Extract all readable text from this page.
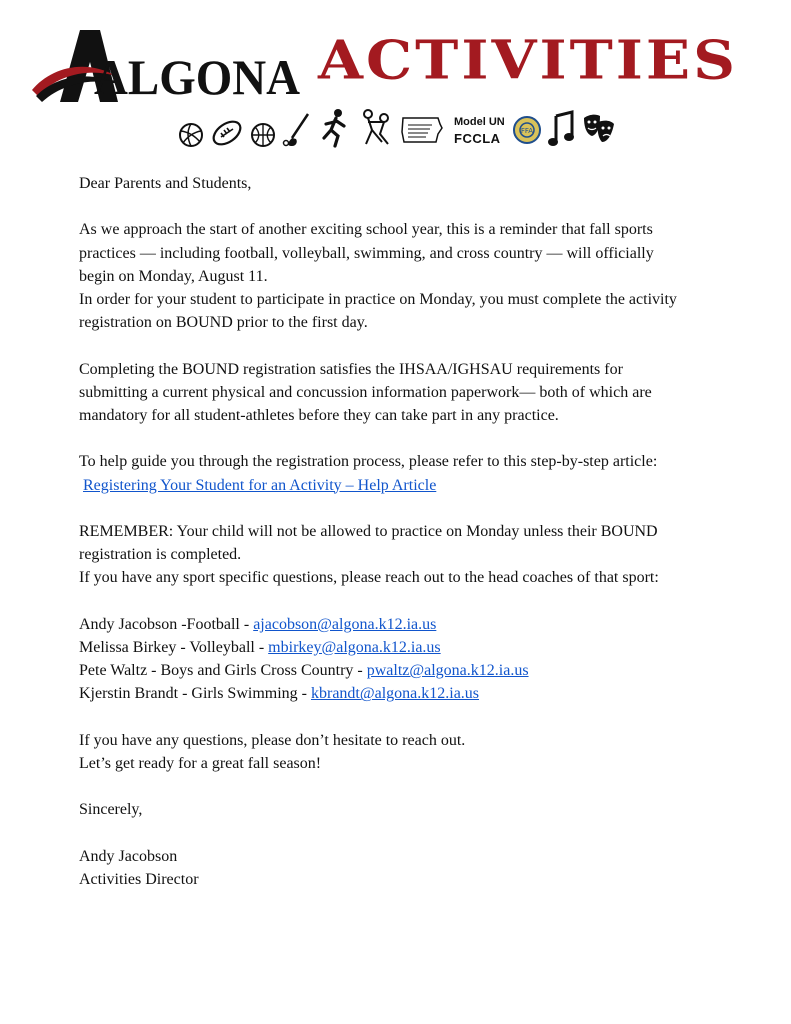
ALGONA ACTIVITIES
Model UN
FCCLA	FFA

Dear Parents and Students,

As we approach the start of another exciting school year, this is a reminder that fall sports

practices — including football, volleyball, swimming, and cross country — will officially

begin on Monday, August 11.

In order for your student to participate in practice on Monday, you must complete the activity

registration on BOUND prior to the first day.

Completing the BOUND registration satisfies the IHSAA/IGHSAU requirements for

submitting a current physical and concussion information paperwork— both of which are

mandatory for all student-athletes before they can take part in any practice.

To help guide you through the registration process, please refer to this step-by-step article:

Registering Your Student for an Activity – Help Article

REMEMBER: Your child will not be allowed to practice on Monday unless their BOUND

registration is completed.

If you have any sport specific questions, please reach out to the head coaches of that sport:

Andy Jacobson -Football - ajacobson@algona.k12.ia.us

Melissa Birkey - Volleyball - mbirkey@algona.k12.ia.us

Pete Waltz - Boys and Girls Cross Country - pwaltz@algona.k12.ia.us

Kjerstin Brandt - Girls Swimming - kbrandt@algona.k12.ia.us

If you have any questions, please don’t hesitate to reach out.

Let’s get ready for a great fall season!

Sincerely,

Andy Jacobson

Activities Director
